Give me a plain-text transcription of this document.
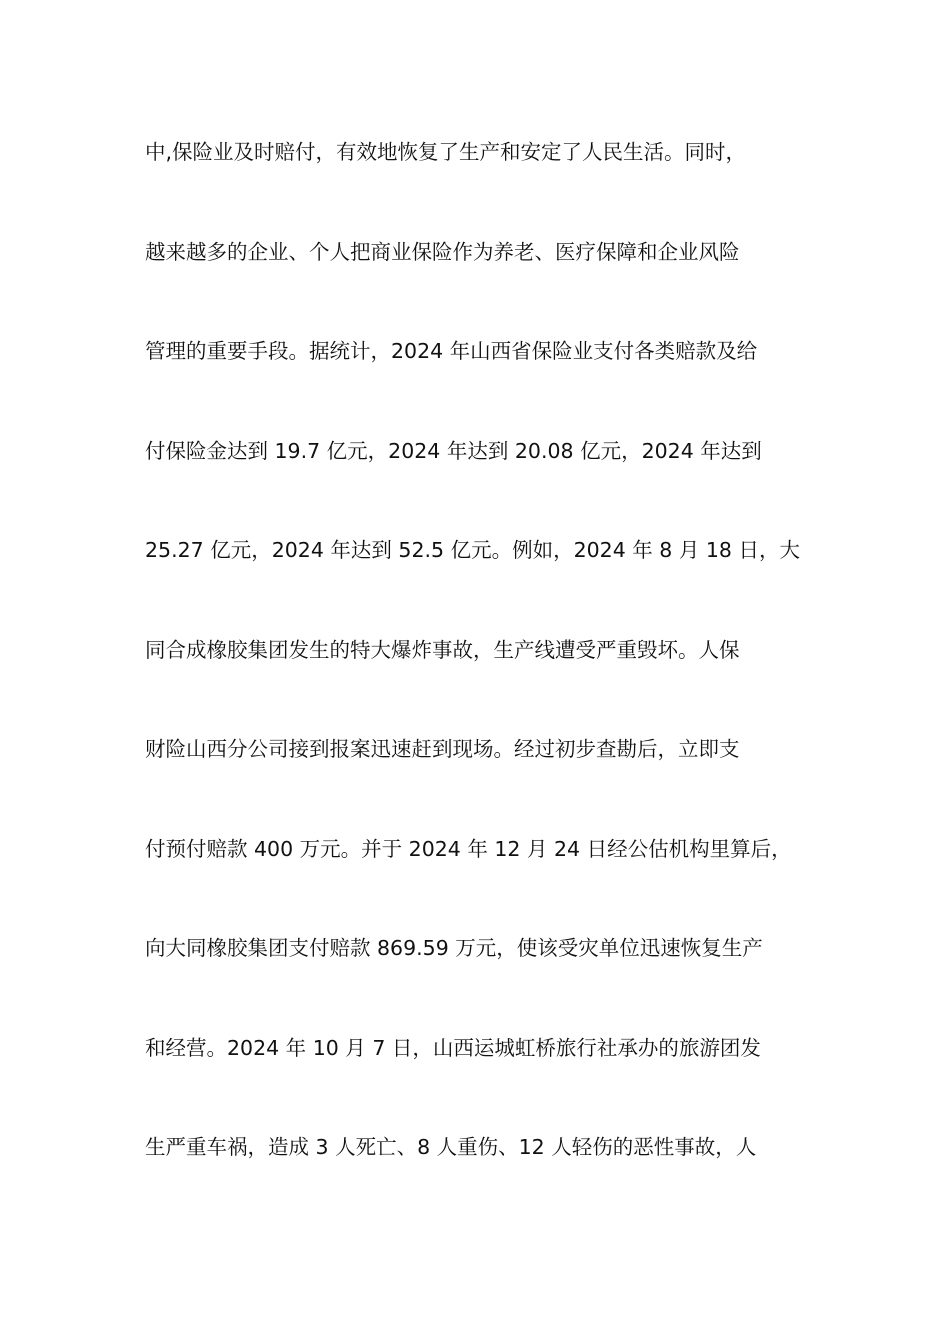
中,保险业及时赔付，有效地恢复了生产和安定了人民生活。同时，
越来越多的企业、个人把商业保险作为养老、医疗保障和企业风险
管理的重要手段。据统计，2024 年山西省保险业支付各类赔款及给
付保险金达到 19.7 亿元，2024 年达到 20.08 亿元，2024 年达到
25.27 亿元，2024 年达到 52.5 亿元。例如，2024 年 8 月 18 日，大
同合成橡胶集团发生的特大爆炸事故，生产线遭受严重毁坏。人保
财险山西分公司接到报案迅速赶到现场。经过初步查勘后，立即支
付预付赔款 400 万元。并于 2024 年 12 月 24 日经公估机构里算后，
向大同橡胶集团支付赔款 869.59 万元，使该受灾单位迅速恢复生产
和经营。2024 年 10 月 7 日，山西运城虹桥旅行社承办的旅游团发
生严重车祸，造成 3 人死亡、8 人重伤、12 人轻伤的恶性事故，人
